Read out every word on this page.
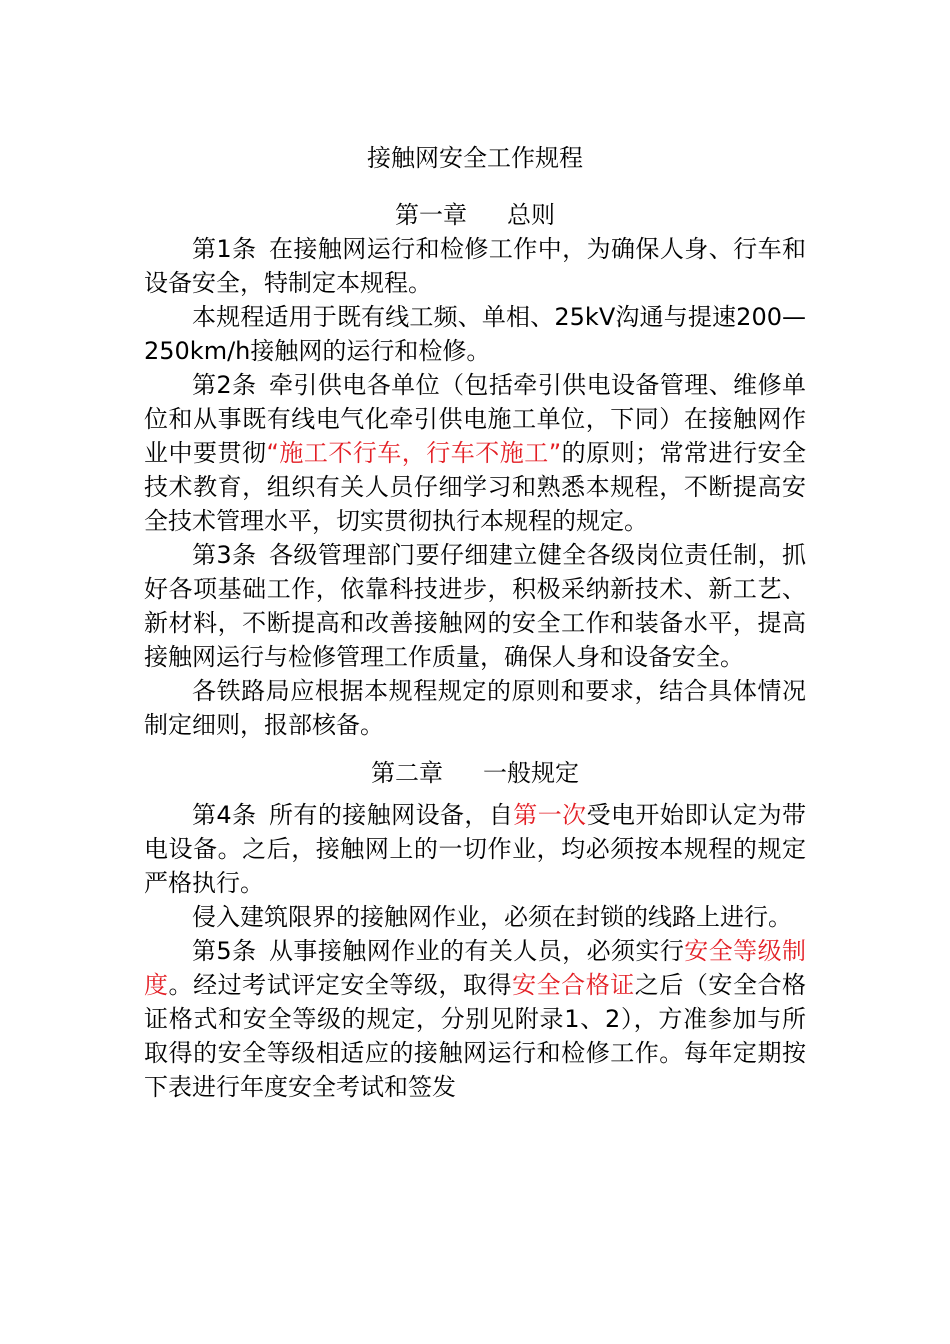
接触网安全工作规程
第一章 总则

第1条 在接触网运行和检修工作中，为确保人身、行车和设备安全，特制定本规程。

本规程适用于既有线工频、单相、25kV沟通与提速200—250km/h接触网的运行和检修。

第2条 牵引供电各单位（包括牵引供电设备管理、维修单位和从事既有线电气化牵引供电施工单位，下同）在接触网作业中要贯彻“施工不行车，行车不施工”的原则；常常进行安全技术教育，组织有关人员仔细学习和熟悉本规程，不断提高安全技术管理水平，切实贯彻执行本规程的规定。

第3条 各级管理部门要仔细建立健全各级岗位责任制，抓好各项基础工作，依靠科技进步，积极采纳新技术、新工艺、新材料，不断提高和改善接触网的安全工作和装备水平，提高接触网运行与检修管理工作质量，确保人身和设备安全。

各铁路局应根据本规程规定的原则和要求，结合具体情况制定细则，报部核备。

第二章 一般规定

第4条 所有的接触网设备，自第一次受电开始即认定为带电设备。之后，接触网上的一切作业，均必须按本规程的规定严格执行。

侵入建筑限界的接触网作业，必须在封锁的线路上进行。

第5条 从事接触网作业的有关人员，必须实行安全等级制度。经过考试评定安全等级，取得安全合格证之后（安全合格证格式和安全等级的规定，分别见附录1、2），方准参加与所取得的安全等级相适应的接触网运行和检修工作。每年定期按下表进行年度安全考试和签发
